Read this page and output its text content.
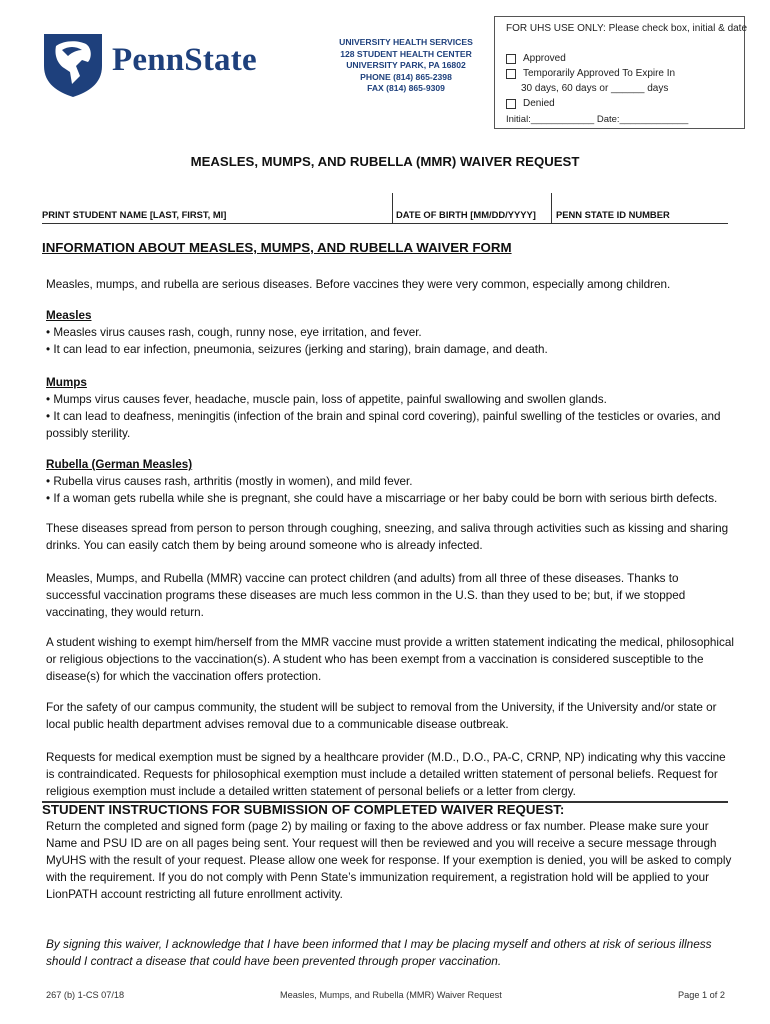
PennState	UNIVERSITY HEALTH SERVICES
128 STUDENT HEALTH CENTER
UNIVERSITY PARK, PA 16802
PHONE (814) 865-2398
FAX (814) 865-9309
FOR UHS USE ONLY: Please check box, initial & date
Approved
Temporarily Approved To Expire In
30 days, 60 days or ______ days
Denied
Initial:____________ Date:_____________
MEASLES, MUMPS, AND RUBELLA (MMR) WAIVER REQUEST
PRINT STUDENT NAME [LAST, FIRST, MI]	DATE OF BIRTH [MM/DD/YYYY] PENN STATE ID NUMBER
INFORMATION ABOUT MEASLES, MUMPS, AND RUBELLA WAIVER FORM

Measles, mumps, and rubella are serious diseases. Before vaccines they were very common, especially among children.

Measles

• Measles virus causes rash, cough, runny nose, eye irritation, and fever.

• It can lead to ear infection, pneumonia, seizures (jerking and staring), brain damage, and death.

Mumps

• Mumps virus causes fever, headache, muscle pain, loss of appetite, painful swallowing and swollen glands.

• It can lead to deafness, meningitis (infection of the brain and spinal cord covering), painful swelling of the testicles or ovaries, and possibly sterility.

Rubella (German Measles)

• Rubella virus causes rash, arthritis (mostly in women), and mild fever.

• If a woman gets rubella while she is pregnant, she could have a miscarriage or her baby could be born with serious birth defects.

These diseases spread from person to person through coughing, sneezing, and saliva through activities such as kissing and sharing drinks. You can easily catch them by being around someone who is already infected.
Measles, Mumps, and Rubella (MMR) vaccine can protect children (and adults) from all three of these diseases. Thanks to successful vaccination programs these diseases are much less common in the U.S. than they used to be; but, if we stopped vaccinating, they would return.
A student wishing to exempt him/herself from the MMR vaccine must provide a written statement indicating the medical, philosophical or religious objections to the vaccination(s). A student who has been exempt from a vaccination is considered susceptible to the disease(s) for which the vaccination offers protection.
For the safety of our campus community, the student will be subject to removal from the University, if the University and/or state or local public health department advises removal due to a communicable disease outbreak.
Requests for medical exemption must be signed by a healthcare provider (M.D., D.O., PA-C, CRNP, NP) indicating why this vaccine is contraindicated. Requests for philosophical exemption must include a detailed written statement of personal beliefs. Request for religious exemption must include a detailed written statement of personal beliefs or a letter from clergy.
STUDENT INSTRUCTIONS FOR SUBMISSION OF COMPLETED WAIVER REQUEST:
Return the completed and signed form (page 2) by mailing or faxing to the above address or fax number. Please make sure your Name and PSU ID are on all pages being sent. Your request will then be reviewed and you will receive a secure message through MyUHS with the result of your request. Please allow one week for response. If your exemption is denied, you will be asked to comply with the requirement. If you do not comply with Penn State’s immunization requirement, a registration hold will be applied to your LionPATH account restricting all future enrollment activity.
By signing this waiver, I acknowledge that I have been informed that I may be placing myself and others at risk of serious illness should I contract a disease that could have been prevented through proper vaccination.
267 (b) 1-CS 07/18	Measles, Mumps, and Rubella (MMR) Waiver Request	Page 1 of 2
